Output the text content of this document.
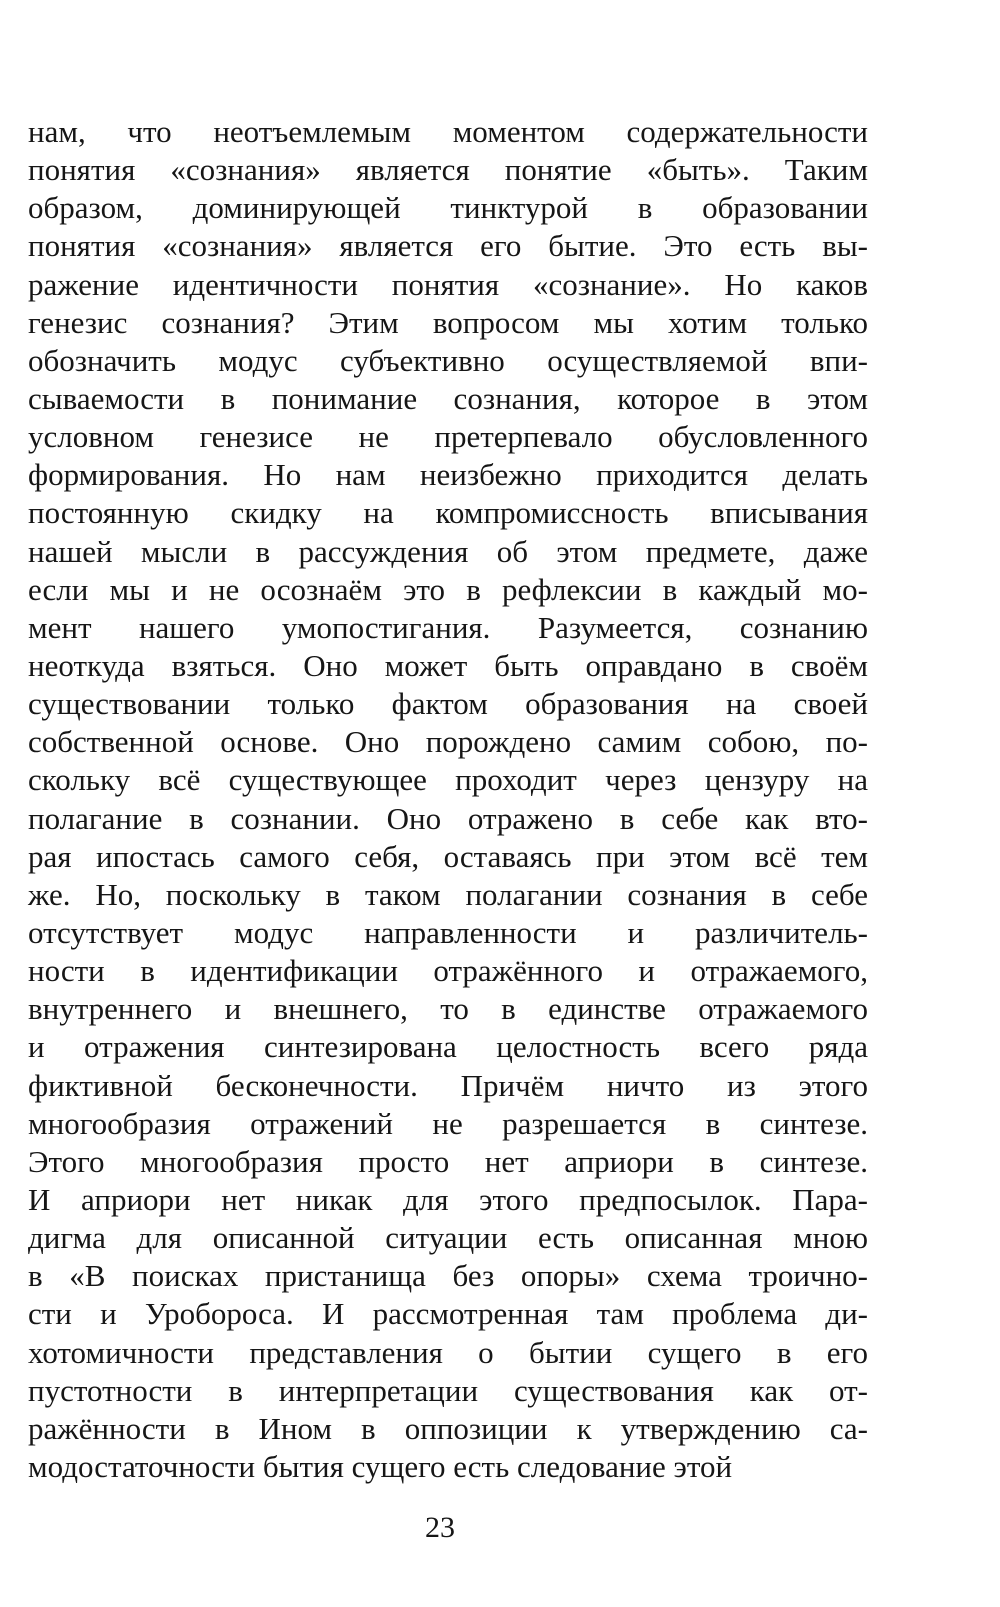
нам, что неотъемлемым моментом содержательности
понятия «сознания» является понятие «быть». Таким
образом, доминирующей тинктурой в образовании
понятия «сознания» является его бытие. Это есть вы-
ражение идентичности понятия «сознание». Но каков
генезис сознания? Этим вопросом мы хотим только
обозначить модус субъективно осуществляемой впи-
сываемости в понимание сознания, которое в этом
условном генезисе не претерпевало обусловленного
формирования. Но нам неизбежно приходится делать
постоянную скидку на компромиссность вписывания
нашей мысли в рассуждения об этом предмете, даже
если мы и не осознаём это в рефлексии в каждый мо-
мент нашего умопостигания. Разумеется, сознанию
неоткуда взяться. Оно может быть оправдано в своём
существовании только фактом образования на своей
собственной основе. Оно порождено самим собою, по-
скольку всё существующее проходит через цензуру на
полагание в сознании. Оно отражено в себе как вто-
рая ипостась самого себя, оставаясь при этом всё тем
же. Но, поскольку в таком полагании сознания в себе
отсутствует модус направленности и различитель-
ности в идентификации отражённого и отражаемого,
внутреннего и внешнего, то в единстве отражаемого
и отражения синтезирована целостность всего ряда
фиктивной бесконечности. Причём ничто из этого
многообразия отражений не разрешается в синтезе.
Этого многообразия просто нет априори в синтезе.
И априори нет никак для этого предпосылок. Пара-
дигма для описанной ситуации есть описанная мною
в «В поисках пристанища без опоры» схема троично-
сти и Уробороса. И рассмотренная там проблема ди-
хотомичности представления о бытии сущего в его
пустотности в интерпретации существования как от-
ражённости в Ином в оппозиции к утверждению са-
модостаточности бытия сущего есть следование этой
23
